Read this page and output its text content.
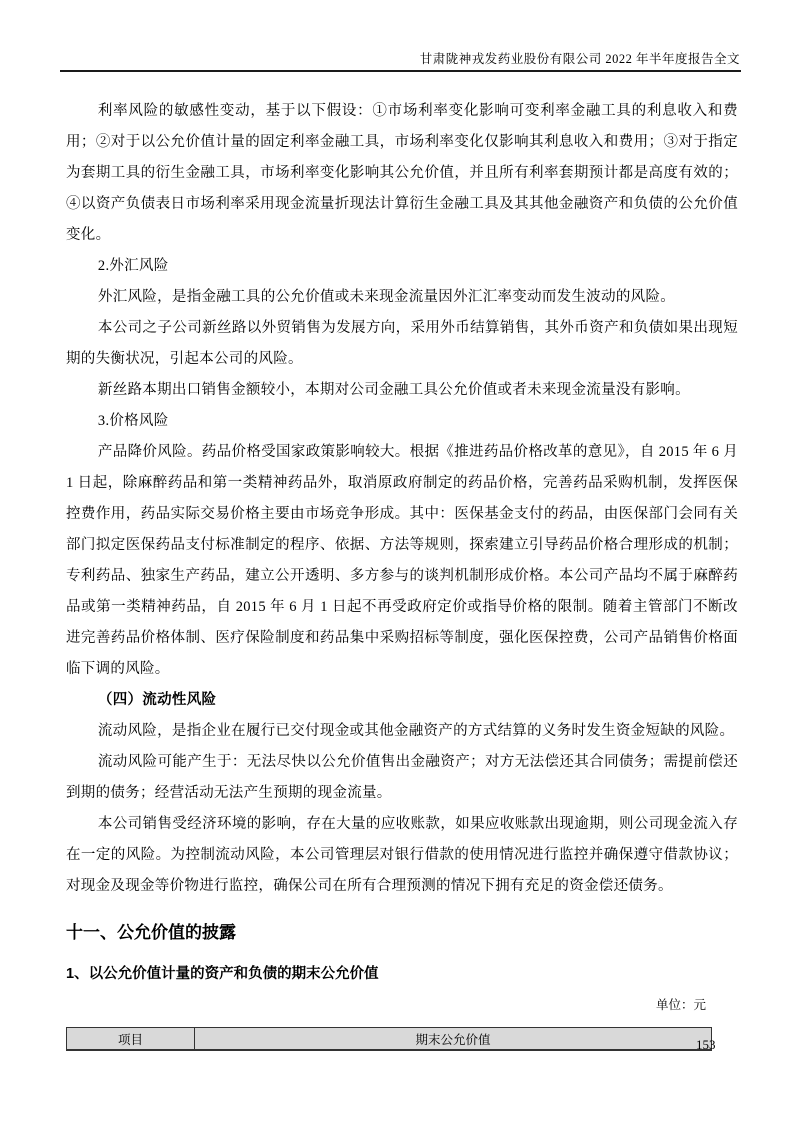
甘肃陇神戎发药业股份有限公司 2022 年半年度报告全文

利率风险的敏感性变动，基于以下假设：①市场利率变化影响可变利率金融工具的利息收入和费用；②对于以公允价值计量的固定利率金融工具，市场利率变化仅影响其利息收入和费用；③对于指定为套期工具的衍生金融工具，市场利率变化影响其公允价值，并且所有利率套期预计都是高度有效的；④以资产负债表日市场利率采用现金流量折现法计算衍生金融工具及其其他金融资产和负债的公允价值变化。

2.外汇风险

外汇风险，是指金融工具的公允价值或未来现金流量因外汇汇率变动而发生波动的风险。

本公司之子公司新丝路以外贸销售为发展方向，采用外币结算销售，其外币资产和负债如果出现短期的失衡状况，引起本公司的风险。

新丝路本期出口销售金额较小，本期对公司金融工具公允价值或者未来现金流量没有影响。

3.价格风险

产品降价风险。药品价格受国家政策影响较大。根据《推进药品价格改革的意见》，自 2015 年 6 月 1 日起，除麻醉药品和第一类精神药品外，取消原政府制定的药品价格，完善药品采购机制，发挥医保控费作用，药品实际交易价格主要由市场竞争形成。其中：医保基金支付的药品，由医保部门会同有关部门拟定医保药品支付标准制定的程序、依据、方法等规则，探索建立引导药品价格合理形成的机制；专利药品、独家生产药品，建立公开透明、多方参与的谈判机制形成价格。本公司产品均不属于麻醉药品或第一类精神药品，自 2015 年 6 月 1 日起不再受政府定价或指导价格的限制。随着主管部门不断改进完善药品价格体制、医疗保险制度和药品集中采购招标等制度，强化医保控费，公司产品销售价格面临下调的风险。

（四）流动性风险

流动风险，是指企业在履行已交付现金或其他金融资产的方式结算的义务时发生资金短缺的风险。

流动风险可能产生于：无法尽快以公允价值售出金融资产；对方无法偿还其合同债务；需提前偿还到期的债务；经营活动无法产生预期的现金流量。

本公司销售受经济环境的影响，存在大量的应收账款，如果应收账款出现逾期，则公司现金流入存在一定的风险。为控制流动风险，本公司管理层对银行借款的使用情况进行监控并确保遵守借款协议；对现金及现金等价物进行监控，确保公司在所有合理预测的情况下拥有充足的资金偿还债务。

十一、公允价值的披露
1、以公允价值计量的资产和负债的期末公允价值
单位：元
项目	期末公允价值	153
